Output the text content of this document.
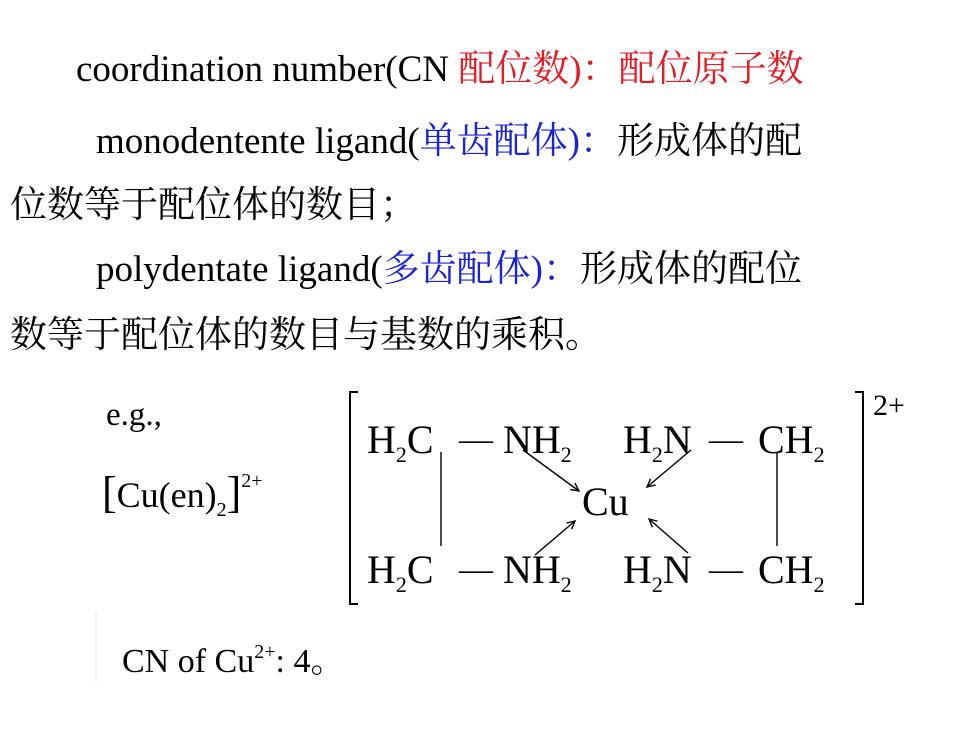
coordination number(CN 配位数)：配位原子数
monodentente ligand(单齿配体)：形成体的配
位数等于配位体的数目；
polydentate ligand(多齿配体)：形成体的配位
数等于配位体的数目与基数的乘积。
e.g.,
$[Cu(en)_2]^{2+}$
$H_2C$ — $NH_2$ $H_2N$ — $CH_2$
Cu
$H_2C$ — $NH_2$ $H_2N$ — $CH_2$
2+
CN of $Cu^{2+}$: 4。
